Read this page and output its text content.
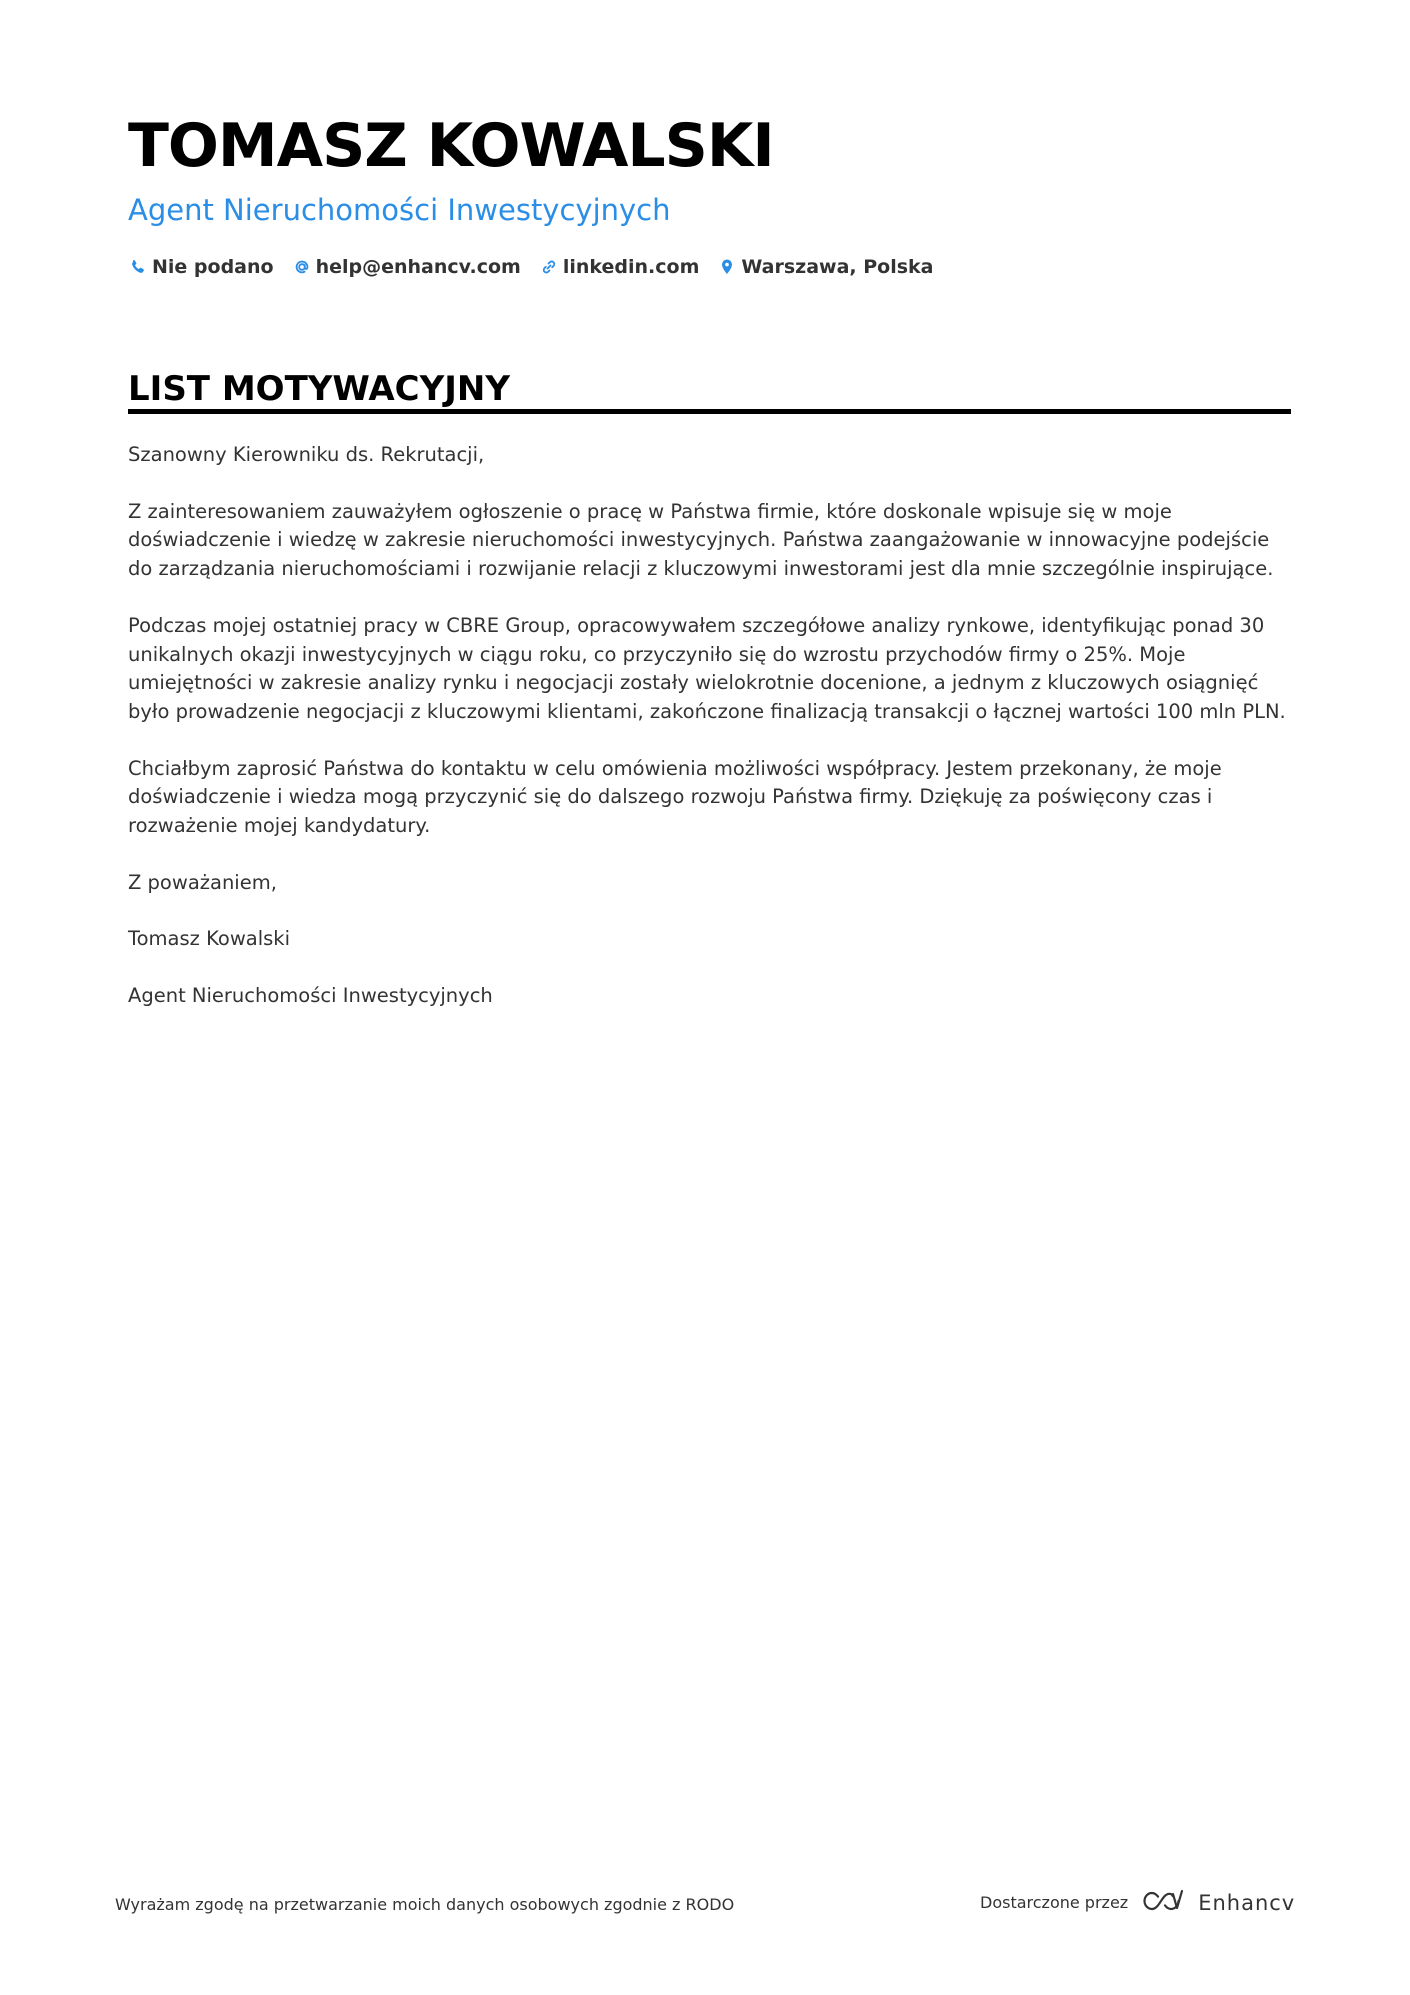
TOMASZ KOWALSKI
Agent Nieruchomości Inwestycyjnych
Nie podano help@enhancv.com linkedin.com Warszawa, Polska
LIST MOTYWACYJNY

Szanowny Kierowniku ds. Rekrutacji,

Z zainteresowaniem zauważyłem ogłoszenie o pracę w Państwa firmie, które doskonale wpisuje się w moje doświadczenie i wiedzę w zakresie nieruchomości inwestycyjnych. Państwa zaangażowanie w innowacyjne podejście do zarządzania nieruchomościami i rozwijanie relacji z kluczowymi inwestorami jest dla mnie szczególnie inspirujące.

Podczas mojej ostatniej pracy w CBRE Group, opracowywałem szczegółowe analizy rynkowe, identyfikując ponad 30 unikalnych okazji inwestycyjnych w ciągu roku, co przyczyniło się do wzrostu przychodów firmy o 25%. Moje umiejętności w zakresie analizy rynku i negocjacji zostały wielokrotnie docenione, a jednym z kluczowych osiągnięć było prowadzenie negocjacji z kluczowymi klientami, zakończone finalizacją transakcji o łącznej wartości 100 mln PLN.

Chciałbym zaprosić Państwa do kontaktu w celu omówienia możliwości współpracy. Jestem przekonany, że moje doświadczenie i wiedza mogą przyczynić się do dalszego rozwoju Państwa firmy. Dziękuję za poświęcony czas i rozważenie mojej kandydatury.

Z poważaniem,

Tomasz Kowalski

Agent Nieruchomości Inwestycyjnych

Wyrażam zgodę na przetwarzanie moich danych osobowych zgodnie z RODO	Dostarczone przez	Enhancv
